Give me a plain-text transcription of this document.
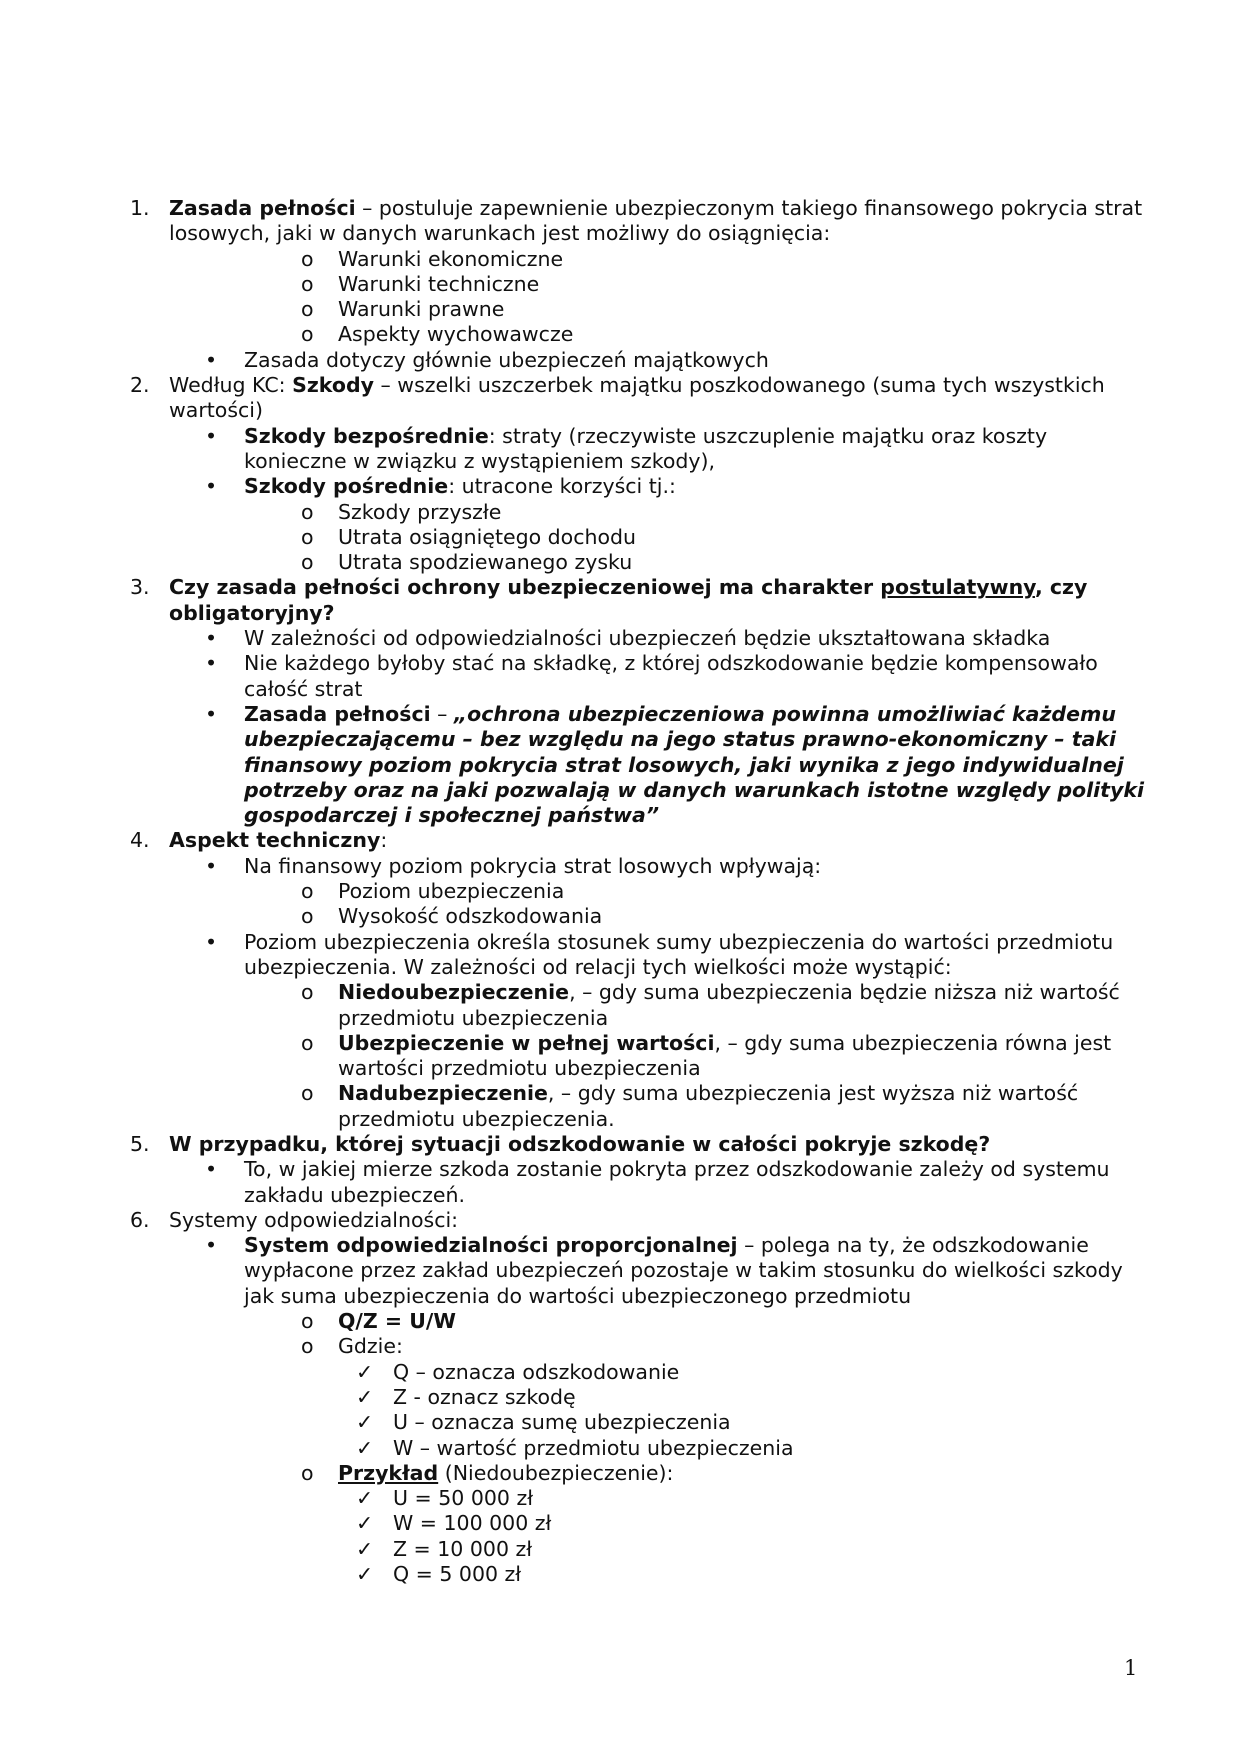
1. Zasada pełności – postuluje zapewnienie ubezpieczonym takiego finansowego pokrycia strat losowych, jaki w danych warunkach jest możliwy do osiągnięcia:
o Warunki ekonomiczne
o Warunki techniczne
o Warunki prawne
o Aspekty wychowawcze
• Zasada dotyczy głównie ubezpieczeń majątkowych
2. Według KC: Szkody – wszelki uszczerbek majątku poszkodowanego (suma tych wszystkich wartości)
• Szkody bezpośrednie: straty (rzeczywiste uszczuplenie majątku oraz koszty konieczne w związku z wystąpieniem szkody),
• Szkody pośrednie: utracone korzyści tj.:
o Szkody przyszłe
o Utrata osiągniętego dochodu
o Utrata spodziewanego zysku
3. Czy zasada pełności ochrony ubezpieczeniowej ma charakter postulatywny, czy obligatoryjny?
• W zależności od odpowiedzialności ubezpieczeń będzie ukształtowana składka
• Nie każdego byłoby stać na składkę, z której odszkodowanie będzie kompensowało całość strat
• Zasada pełności – „ochrona ubezpieczeniowa powinna umożliwiać każdemu ubezpieczającemu – bez względu na jego status prawno-ekonomiczny – taki finansowy poziom pokrycia strat losowych, jaki wynika z jego indywidualnej potrzeby oraz na jaki pozwalają w danych warunkach istotne względy polityki gospodarczej i społecznej państwa”
4. Aspekt techniczny:
• Na finansowy poziom pokrycia strat losowych wpływają:
o Poziom ubezpieczenia
o Wysokość odszkodowania
• Poziom ubezpieczenia określa stosunek sumy ubezpieczenia do wartości przedmiotu ubezpieczenia. W zależności od relacji tych wielkości może wystąpić:
o Niedoubezpieczenie, – gdy suma ubezpieczenia będzie niższa niż wartość przedmiotu ubezpieczenia
o Ubezpieczenie w pełnej wartości, – gdy suma ubezpieczenia równa jest wartości przedmiotu ubezpieczenia
o Nadubezpieczenie, – gdy suma ubezpieczenia jest wyższa niż wartość przedmiotu ubezpieczenia.
5. W przypadku, której sytuacji odszkodowanie w całości pokryje szkodę?
• To, w jakiej mierze szkoda zostanie pokryta przez odszkodowanie zależy od systemu zakładu ubezpieczeń.
6. Systemy odpowiedzialności:
• System odpowiedzialności proporcjonalnej – polega na ty, że odszkodowanie wypłacone przez zakład ubezpieczeń pozostaje w takim stosunku do wielkości szkody jak suma ubezpieczenia do wartości ubezpieczonego przedmiotu
o Q/Z = U/W
o Gdzie:
✓ Q – oznacza odszkodowanie
✓ Z - oznacz szkodę
✓ U – oznacza sumę ubezpieczenia
✓ W – wartość przedmiotu ubezpieczenia
o Przykład (Niedoubezpieczenie):
✓ U = 50 000 zł
✓ W = 100 000 zł
✓ Z = 10 000 zł
✓ Q = 5 000 zł
1
